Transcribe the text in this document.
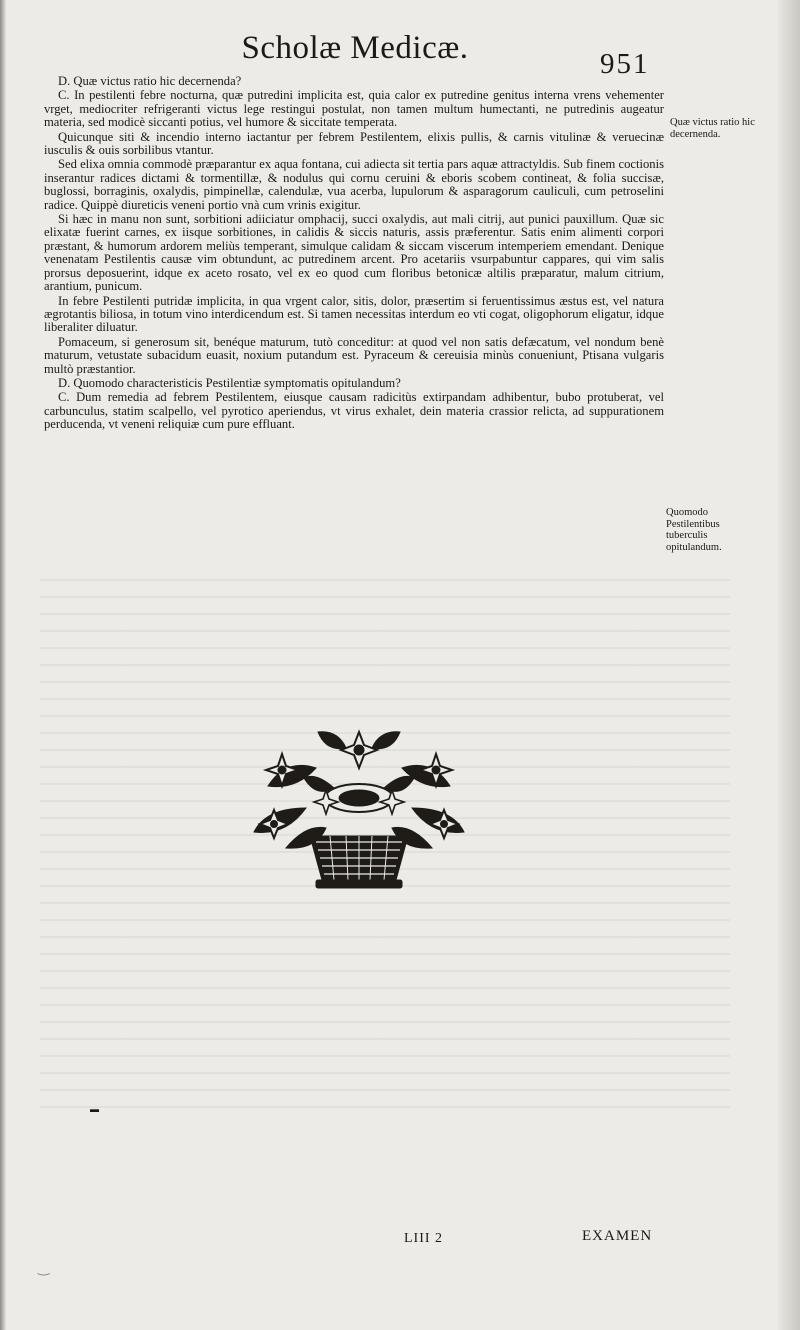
Scholæ Medicæ.	951

D. Quæ victus ratio hic decernenda?

C. In pestilenti febre nocturna, quæ putredini implicita est, quia calor ex putredine genitus interna vrens vehementer vrget, mediocriter refrigeranti victus lege restingui postulat, non tamen multum humectanti, ne putredinis augeatur materia, sed modicè siccanti potius, vel humore & siccitate temperata.

Quicunque siti & incendio interno iactantur per febrem Pestilentem, elixis pullis, & carnis vitulinæ & veruecinæ iusculis & ouis sorbilibus vtantur.

Sed elixa omnia commodè præparantur ex aqua fontana, cui adiecta sit tertia pars aquæ attractyldis. Sub finem coctionis inserantur radices dictami & tormentillæ, & nodulus qui cornu ceruini & eboris scobem contineat, & folia succisæ, buglossi, borraginis, oxalydis, pimpinellæ, calendulæ, vua acerba, lupulorum & asparagorum cauliculi, cum petroselini radice. Quippè diureticis veneni portio vnà cum vrinis exigitur.

Si hæc in manu non sunt, sorbitioni adiiciatur omphacij, succi oxalydis, aut mali citrij, aut punici pauxillum. Quæ sic elixatæ fuerint carnes, ex iisque sorbitiones, in calidis & siccis naturis, assis præferentur. Satis enim alimenti corpori præstant, & humorum ardorem meliùs temperant, simulque calidam & siccam viscerum intemperiem emendant. Denique venenatam Pestilentis causæ vim obtundunt, ac putredinem arcent. Pro acetariis vsurpabuntur cappares, qui vim salis prorsus deposuerint, idque ex aceto rosato, vel ex eo quod cum floribus betonicæ altilis præparatur, malum citrium, arantium, punicum.

In febre Pestilenti putridæ implicita, in qua vrgent calor, sitis, dolor, præsertim si feruentissimus æstus est, vel natura ægrotantis biliosa, in totum vino interdicendum est. Si tamen necessitas interdum eo vti cogat, oligophorum eligatur, idque liberaliter diluatur.

Pomaceum, si generosum sit, benéque maturum, tutò conceditur: at quod vel non satis defæcatum, vel nondum benè maturum, vetustate subacidum euasit, noxium putandum est. Pyraceum & cereuisia minùs conueniunt, Ptisana vulgaris multò præstantior.

D. Quomodo characteristicis Pestilentiæ symptomatis opitulandum?

C. Dum remedia ad febrem Pestilentem, eiusque causam radicitùs extirpandam adhibentur, bubo protuberat, vel carbunculus, statim scalpello, vel pyrotico aperiendus, vt virus exhalet, dein materia crassior relicta, ad suppurationem perducenda, vt veneni reliquiæ cum pure effluant.

Quæ victus ratio hic decernenda.
Quomodo Pestilentibus tuberculis opitulandum.
▬
LIII 2	EXAMEN
‿
